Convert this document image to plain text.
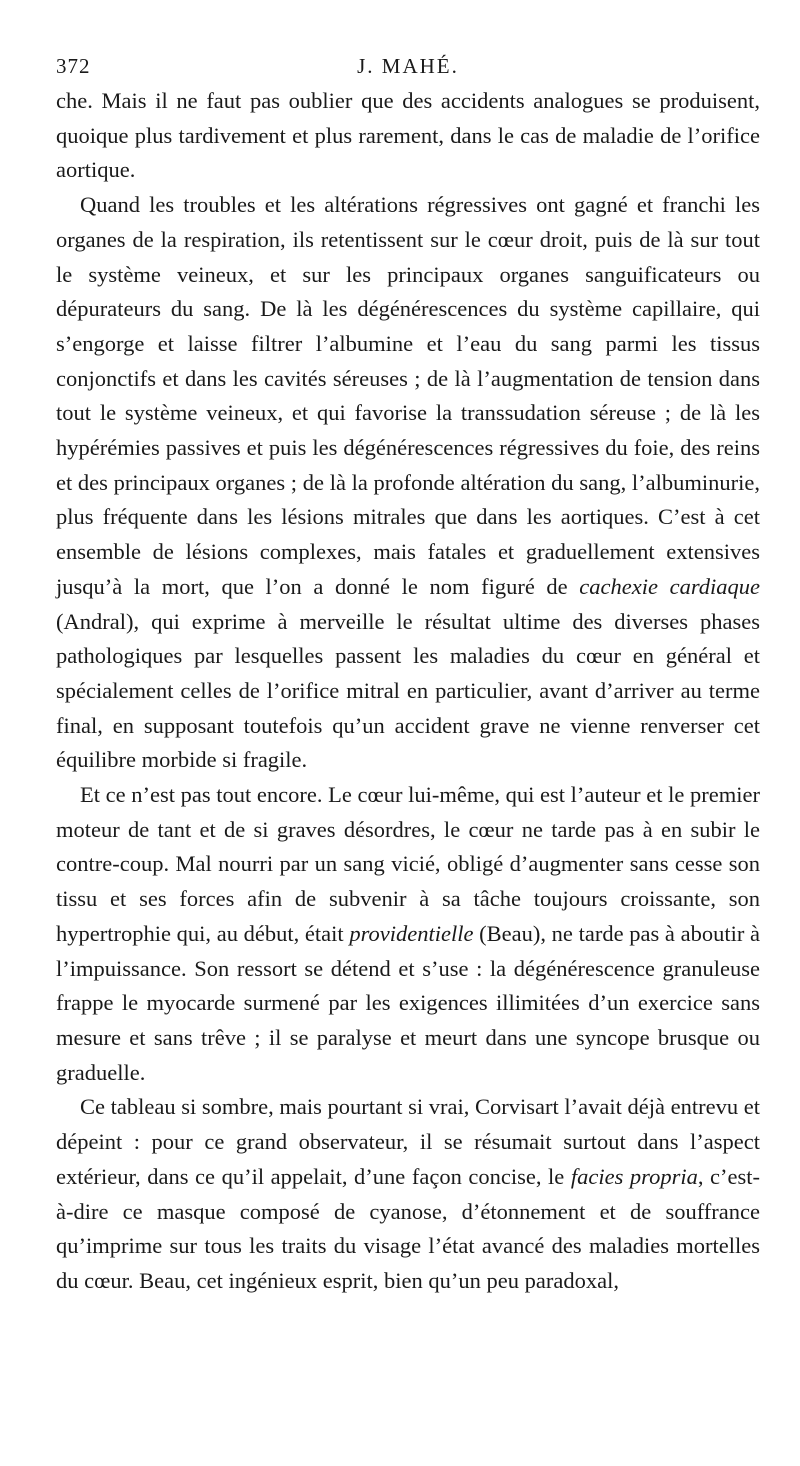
372	J. MAHÉ.

che. Mais il ne faut pas oublier que des accidents analogues se produisent, quoique plus tardivement et plus rarement, dans le cas de maladie de l’orifice aortique.

Quand les troubles et les altérations régressives ont gagné et franchi les organes de la respiration, ils retentissent sur le cœur droit, puis de là sur tout le système veineux, et sur les principaux organes sanguificateurs ou dépurateurs du sang. De là les dégénérescences du système capillaire, qui s’engorge et laisse filtrer l’albumine et l’eau du sang parmi les tissus conjonctifs et dans les cavités séreuses ; de là l’augmentation de tension dans tout le système veineux, et qui favorise la transsudation séreuse ; de là les hypérémies passives et puis les dégénérescences régressives du foie, des reins et des principaux organes ; de là la profonde altération du sang, l’albuminurie, plus fréquente dans les lésions mitrales que dans les aortiques. C’est à cet ensemble de lésions complexes, mais fatales et graduellement extensives jusqu’à la mort, que l’on a donné le nom figuré de cachexie cardiaque (Andral), qui exprime à merveille le résultat ultime des diverses phases pathologiques par lesquelles passent les maladies du cœur en général et spécialement celles de l’orifice mitral en particulier, avant d’arriver au terme final, en supposant toutefois qu’un accident grave ne vienne renverser cet équilibre morbide si fragile.

Et ce n’est pas tout encore. Le cœur lui-même, qui est l’auteur et le premier moteur de tant et de si graves désordres, le cœur ne tarde pas à en subir le contre-coup. Mal nourri par un sang vicié, obligé d’augmenter sans cesse son tissu et ses forces afin de subvenir à sa tâche toujours croissante, son hypertrophie qui, au début, était providentielle (Beau), ne tarde pas à aboutir à l’impuissance. Son ressort se détend et s’use : la dégénérescence granuleuse frappe le myocarde surmené par les exigences illimitées d’un exercice sans mesure et sans trêve ; il se paralyse et meurt dans une syncope brusque ou graduelle.

Ce tableau si sombre, mais pourtant si vrai, Corvisart l’avait déjà entrevu et dépeint : pour ce grand observateur, il se résumait surtout dans l’aspect extérieur, dans ce qu’il appelait, d’une façon concise, le facies propria, c’est-à-dire ce masque composé de cyanose, d’étonnement et de souffrance qu’imprime sur tous les traits du visage l’état avancé des maladies mortelles du cœur. Beau, cet ingénieux esprit, bien qu’un peu paradoxal,
